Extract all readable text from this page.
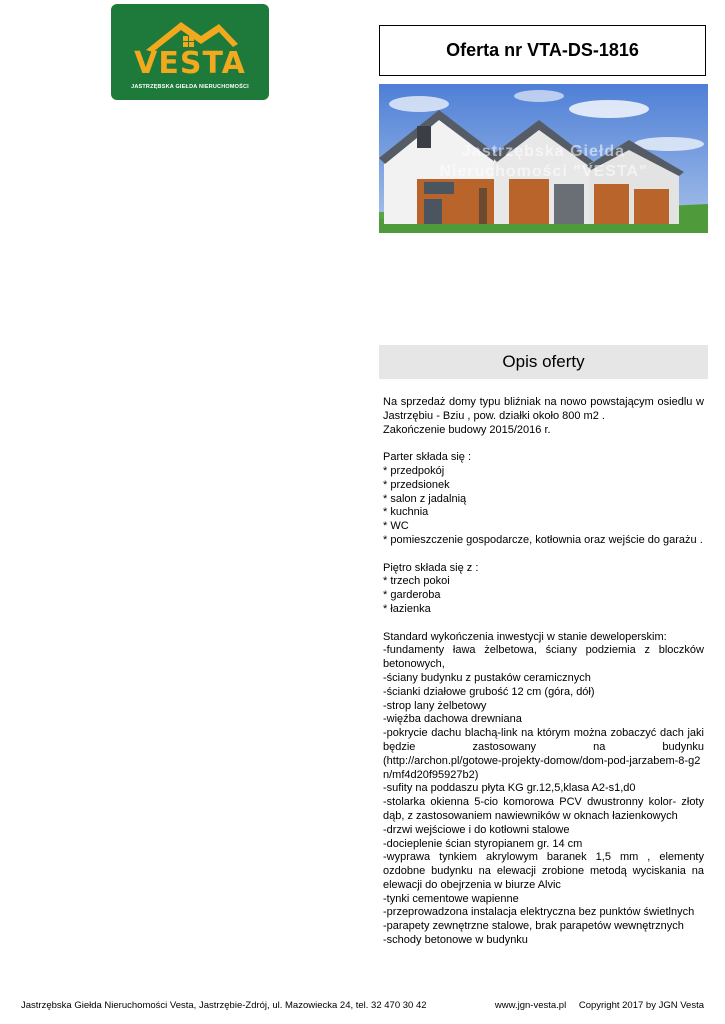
VESTA
JASTRZĘBSKA GIEŁDA NIERUCHOMOŚCI
Oferta nr VTA-DS-1816
Jastrzębska Giełda
Nieruchomości "VESTA"
Opis oferty

Na sprzedaż domy typu bliźniak na nowo powstającym osiedlu w

Jastrzębiu - Bziu , pow. działki około 800 m2 .

Zakończenie budowy 2015/2016 r.

Parter składa się :

* przedpokój

* przedsionek

* salon z jadalnią

* kuchnia

* WC

* pomieszczenie gospodarcze, kotłownia oraz wejście do garażu .

Piętro składa się z :

* trzech pokoi

* garderoba

* łazienka

Standard wykończenia inwestycji w stanie deweloperskim:

-fundamenty ława żelbetowa, ściany podziemia z bloczków betonowych,

-ściany budynku z pustaków ceramicznych

-ścianki działowe grubość 12 cm (góra, dół)

-strop lany żelbetowy

-więźba dachowa drewniana

-pokrycie dachu blachą-link na którym można zobaczyć dach jaki będzie zastosowany na budynku

(http://archon.pl/gotowe-projekty-domow/dom-pod-jarzabem-8-g2

n/mf4d20f95927b2)

-sufity na poddaszu płyta KG gr.12,5,klasa A2-s1,d0

-stolarka okienna 5-cio komorowa PCV dwustronny kolor- złoty dąb, z zastosowaniem nawiewników w oknach łazienkowych

-drzwi wejściowe i do kotłowni stalowe

-docieplenie ścian styropianem gr. 14 cm

-wyprawa tynkiem akrylowym baranek 1,5 mm , elementy ozdobne budynku na elewacji zrobione metodą wyciskania na elewacji do obejrzenia w biurze Alvic

-tynki cementowe wapienne

-przeprowadzona instalacja elektryczna bez punktów świetlnych

-parapety zewnętrzne stalowe, brak parapetów wewnętrznych

-schody betonowe w budynku

Jastrzębska Giełda Nieruchomości Vesta, Jastrzębie-Zdrój, ul. Mazowiecka 24, tel. 32 470 30 42	www.jgn-vesta.pl Copyright 2017 by JGN Vesta
